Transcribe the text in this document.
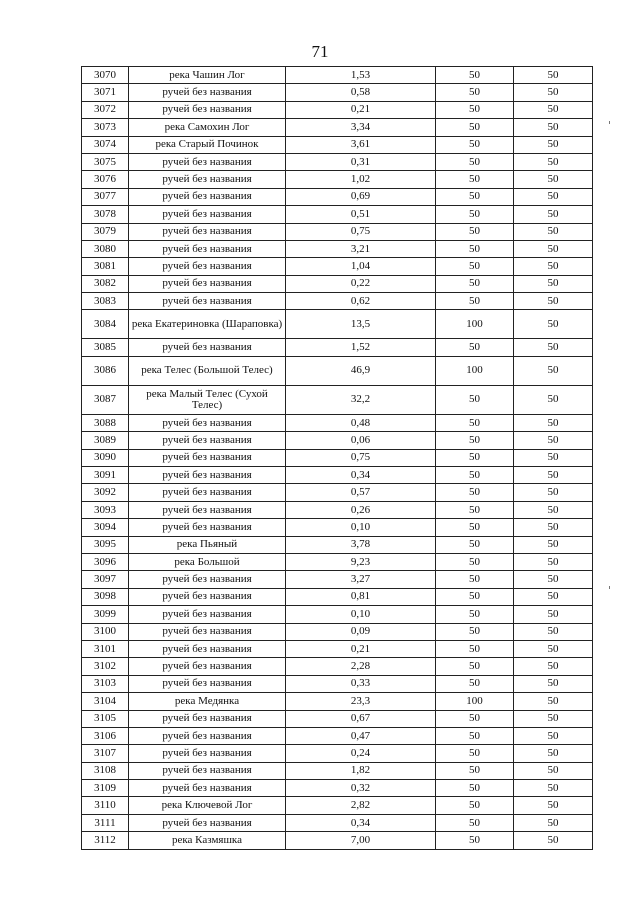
71
3070	река Чашин Лог	1,53	50	50
3071	ручей без названия	0,58	50	50
3072	ручей без названия	0,21	50	50
3073	река Самохин Лог	3,34	50	50
3074	река Старый Починок	3,61	50	50
3075	ручей без названия	0,31	50	50
3076	ручей без названия	1,02	50	50
3077	ручей без названия	0,69	50	50
3078	ручей без названия	0,51	50	50
3079	ручей без названия	0,75	50	50
3080	ручей без названия	3,21	50	50
3081	ручей без названия	1,04	50	50
3082	ручей без названия	0,22	50	50
3083	ручей без названия	0,62	50	50
3084	река Екатериновка (Шараповка)	13,5	100	50
3085	ручей без названия	1,52	50	50
3086	река Телес (Большой Телес)	46,9	100	50
3087	река Малый Телес (Сухой Телес)	32,2	50	50
3088	ручей без названия	0,48	50	50
3089	ручей без названия	0,06	50	50
3090	ручей без названия	0,75	50	50
3091	ручей без названия	0,34	50	50
3092	ручей без названия	0,57	50	50
3093	ручей без названия	0,26	50	50
3094	ручей без названия	0,10	50	50
3095	река Пьяный	3,78	50	50
3096	река Большой	9,23	50	50
3097	ручей без названия	3,27	50	50
3098	ручей без названия	0,81	50	50
3099	ручей без названия	0,10	50	50
3100	ручей без названия	0,09	50	50
3101	ручей без названия	0,21	50	50
3102	ручей без названия	2,28	50	50
3103	ручей без названия	0,33	50	50
3104	река Медянка	23,3	100	50
3105	ручей без названия	0,67	50	50
3106	ручей без названия	0,47	50	50
3107	ручей без названия	0,24	50	50
3108	ручей без названия	1,82	50	50
3109	ручей без названия	0,32	50	50
3110	река Ключевой Лог	2,82	50	50
3111	ручей без названия	0,34	50	50
3112	река Казмяшка	7,00	50	50
